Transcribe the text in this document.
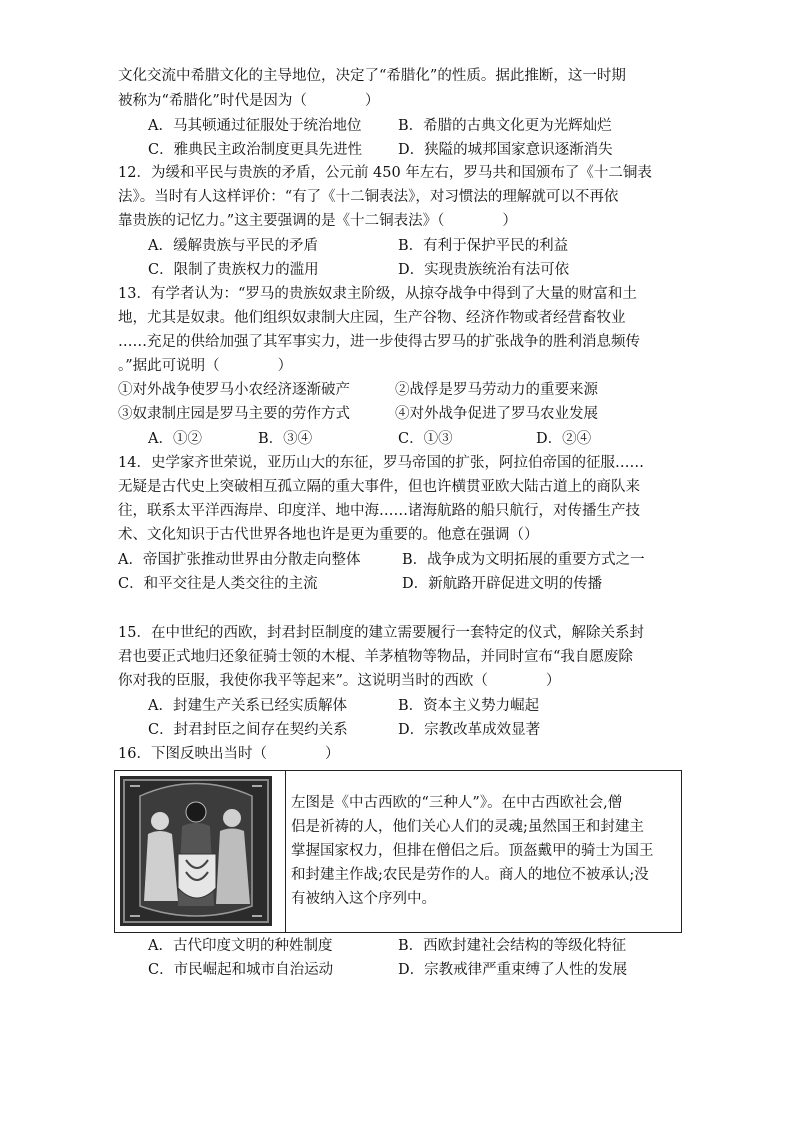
文化交流中希腊文化的主导地位，决定了“希腊化”的性质。据此推断，这一时期
被称为“希腊化”时代是因为（　　　　）
A．马其顿通过征服处于统治地位	B．希腊的古典文化更为光辉灿烂
C．雅典民主政治制度更具先进性 D．狭隘的城邦国家意识逐渐消失
12．为缓和平民与贵族的矛盾，公元前 450 年左右，罗马共和国颁布了《十二铜表
法》。当时有人这样评价：“有了《十二铜表法》，对习惯法的理解就可以不再依
靠贵族的记忆力。”这主要强调的是《十二铜表法》（　　　　）
A．缓解贵族与平民的矛盾	B．有利于保护平民的利益
C．限制了贵族权力的滥用	D．实现贵族统治有法可依
13．有学者认为：“罗马的贵族奴隶主阶级，从掠夺战争中得到了大量的财富和土
地，尤其是奴隶。他们组织奴隶制大庄园，生产谷物、经济作物或者经营畜牧业
……充足的供给加强了其军事实力，进一步使得古罗马的扩张战争的胜利消息频传
。”据此可说明（　　　　）
①对外战争使罗马小农经济逐渐破产	②战俘是罗马劳动力的重要来源
③奴隶制庄园是罗马主要的劳作方式	④对外战争促进了罗马农业发展
A．①②	B．③④	C．①③	D．②④
14．史学家齐世荣说，亚历山大的东征，罗马帝国的扩张，阿拉伯帝国的征服……
无疑是古代史上突破相互孤立隔的重大事件，但也许横贯亚欧大陆古道上的商队来
往，联系太平洋西海岸、印度洋、地中海……诸海航路的船只航行，对传播生产技
术、文化知识于古代世界各地也许是更为重要的。他意在强调（）
A．帝国扩张推动世界由分散走向整体	B．战争成为文明拓展的重要方式之一
C．和平交往是人类交往的主流	D．新航路开辟促进文明的传播
15．在中世纪的西欧，封君封臣制度的建立需要履行一套特定的仪式，解除关系封
君也要正式地归还象征骑士领的木棍、羊茅植物等物品，并同时宣布“我自愿废除
你对我的臣服，我使你我平等起来”。这说明当时的西欧（　　　　）
A．封建生产关系已经实质解体	B．资本主义势力崛起
C．封君封臣之间存在契约关系	D．宗教改革成效显著
16．下图反映出当时（　　　　）
左图是《中古西欧的“三种人”》。在中古西欧社会,僧
侣是祈祷的人，他们关心人们的灵魂;虽然国王和封建主
掌握国家权力，但排在僧侣之后。顶盔戴甲的骑士为国王
和封建主作战;农民是劳作的人。商人的地位不被承认;没
有被纳入这个序列中。
A．古代印度文明的种姓制度	B．西欧封建社会结构的等级化特征
C．市民崛起和城市自治运动	D．宗教戒律严重束缚了人性的发展
